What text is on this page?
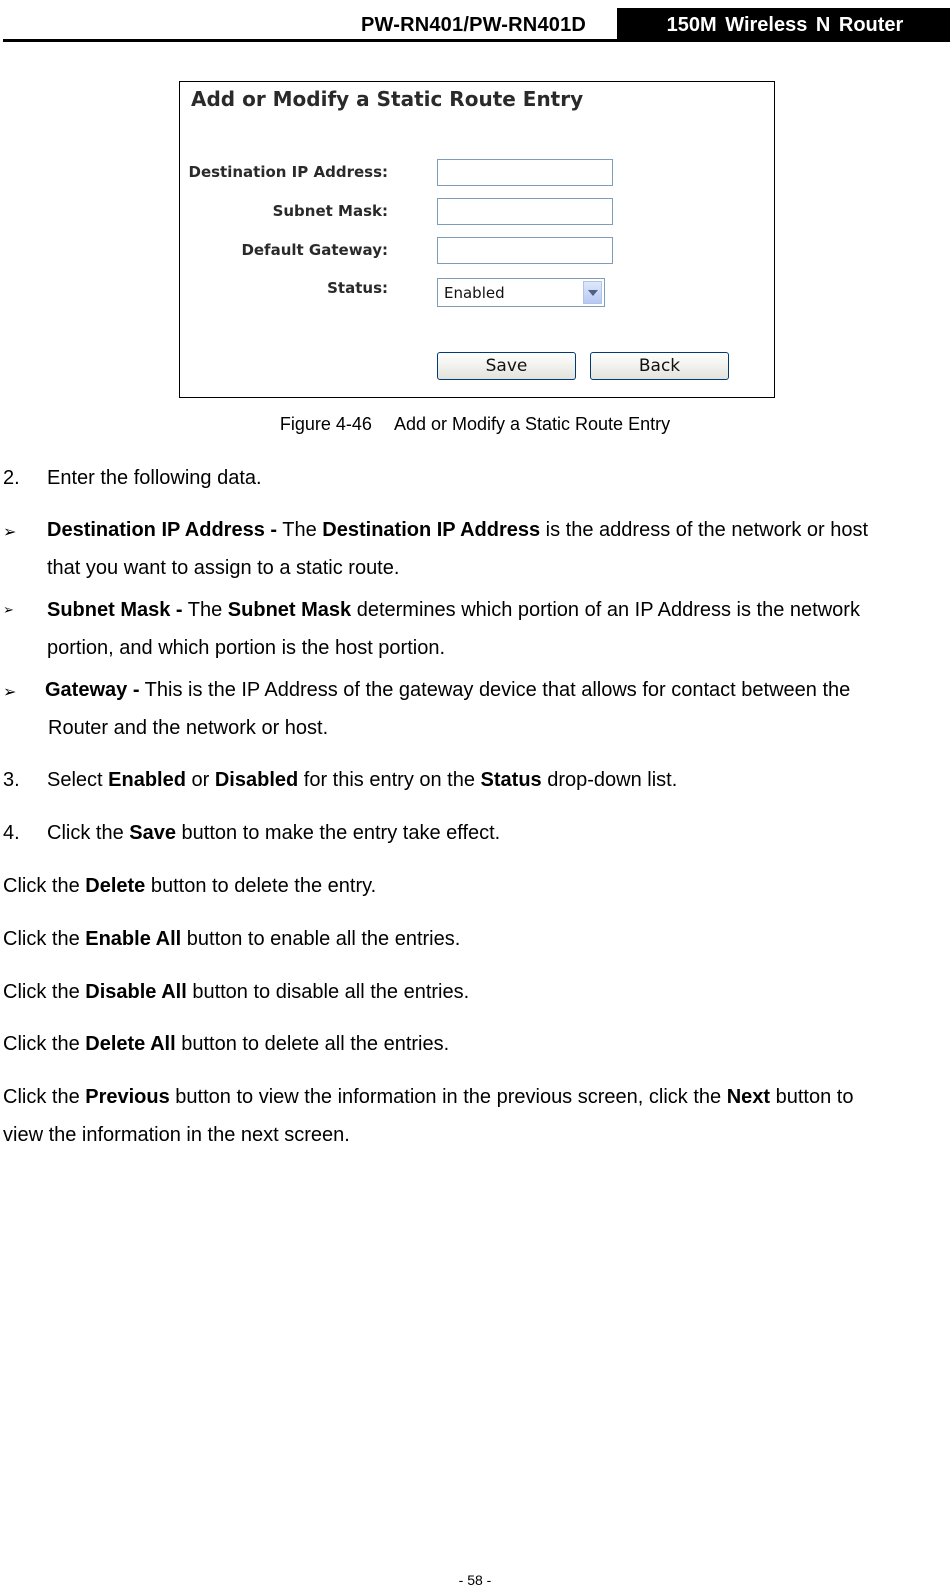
PW-RN401/PW-RN401D	150M Wireless N Router
Add or Modify a Static Route Entry
Destination IP Address:
Subnet Mask:
Default Gateway:
Status:	Enabled
Save	Back
Figure 4-46 Add or Modify a Static Route Entry
2. Enter the following data.
➢ Destination IP Address - The Destination IP Address is the address of the network or host
that you want to assign to a static route.
➢ Subnet Mask - The Subnet Mask determines which portion of an IP Address is the network
portion, and which portion is the host portion.
➢ Gateway - This is the IP Address of the gateway device that allows for contact between the
Router and the network or host.
3. Select Enabled or Disabled for this entry on the Status drop-down list.
4. Click the Save button to make the entry take effect.
Click the Delete button to delete the entry.
Click the Enable All button to enable all the entries.
Click the Disable All button to disable all the entries.
Click the Delete All button to delete all the entries.
Click the Previous button to view the information in the previous screen, click the Next button to
view the information in the next screen.
- 58 -
